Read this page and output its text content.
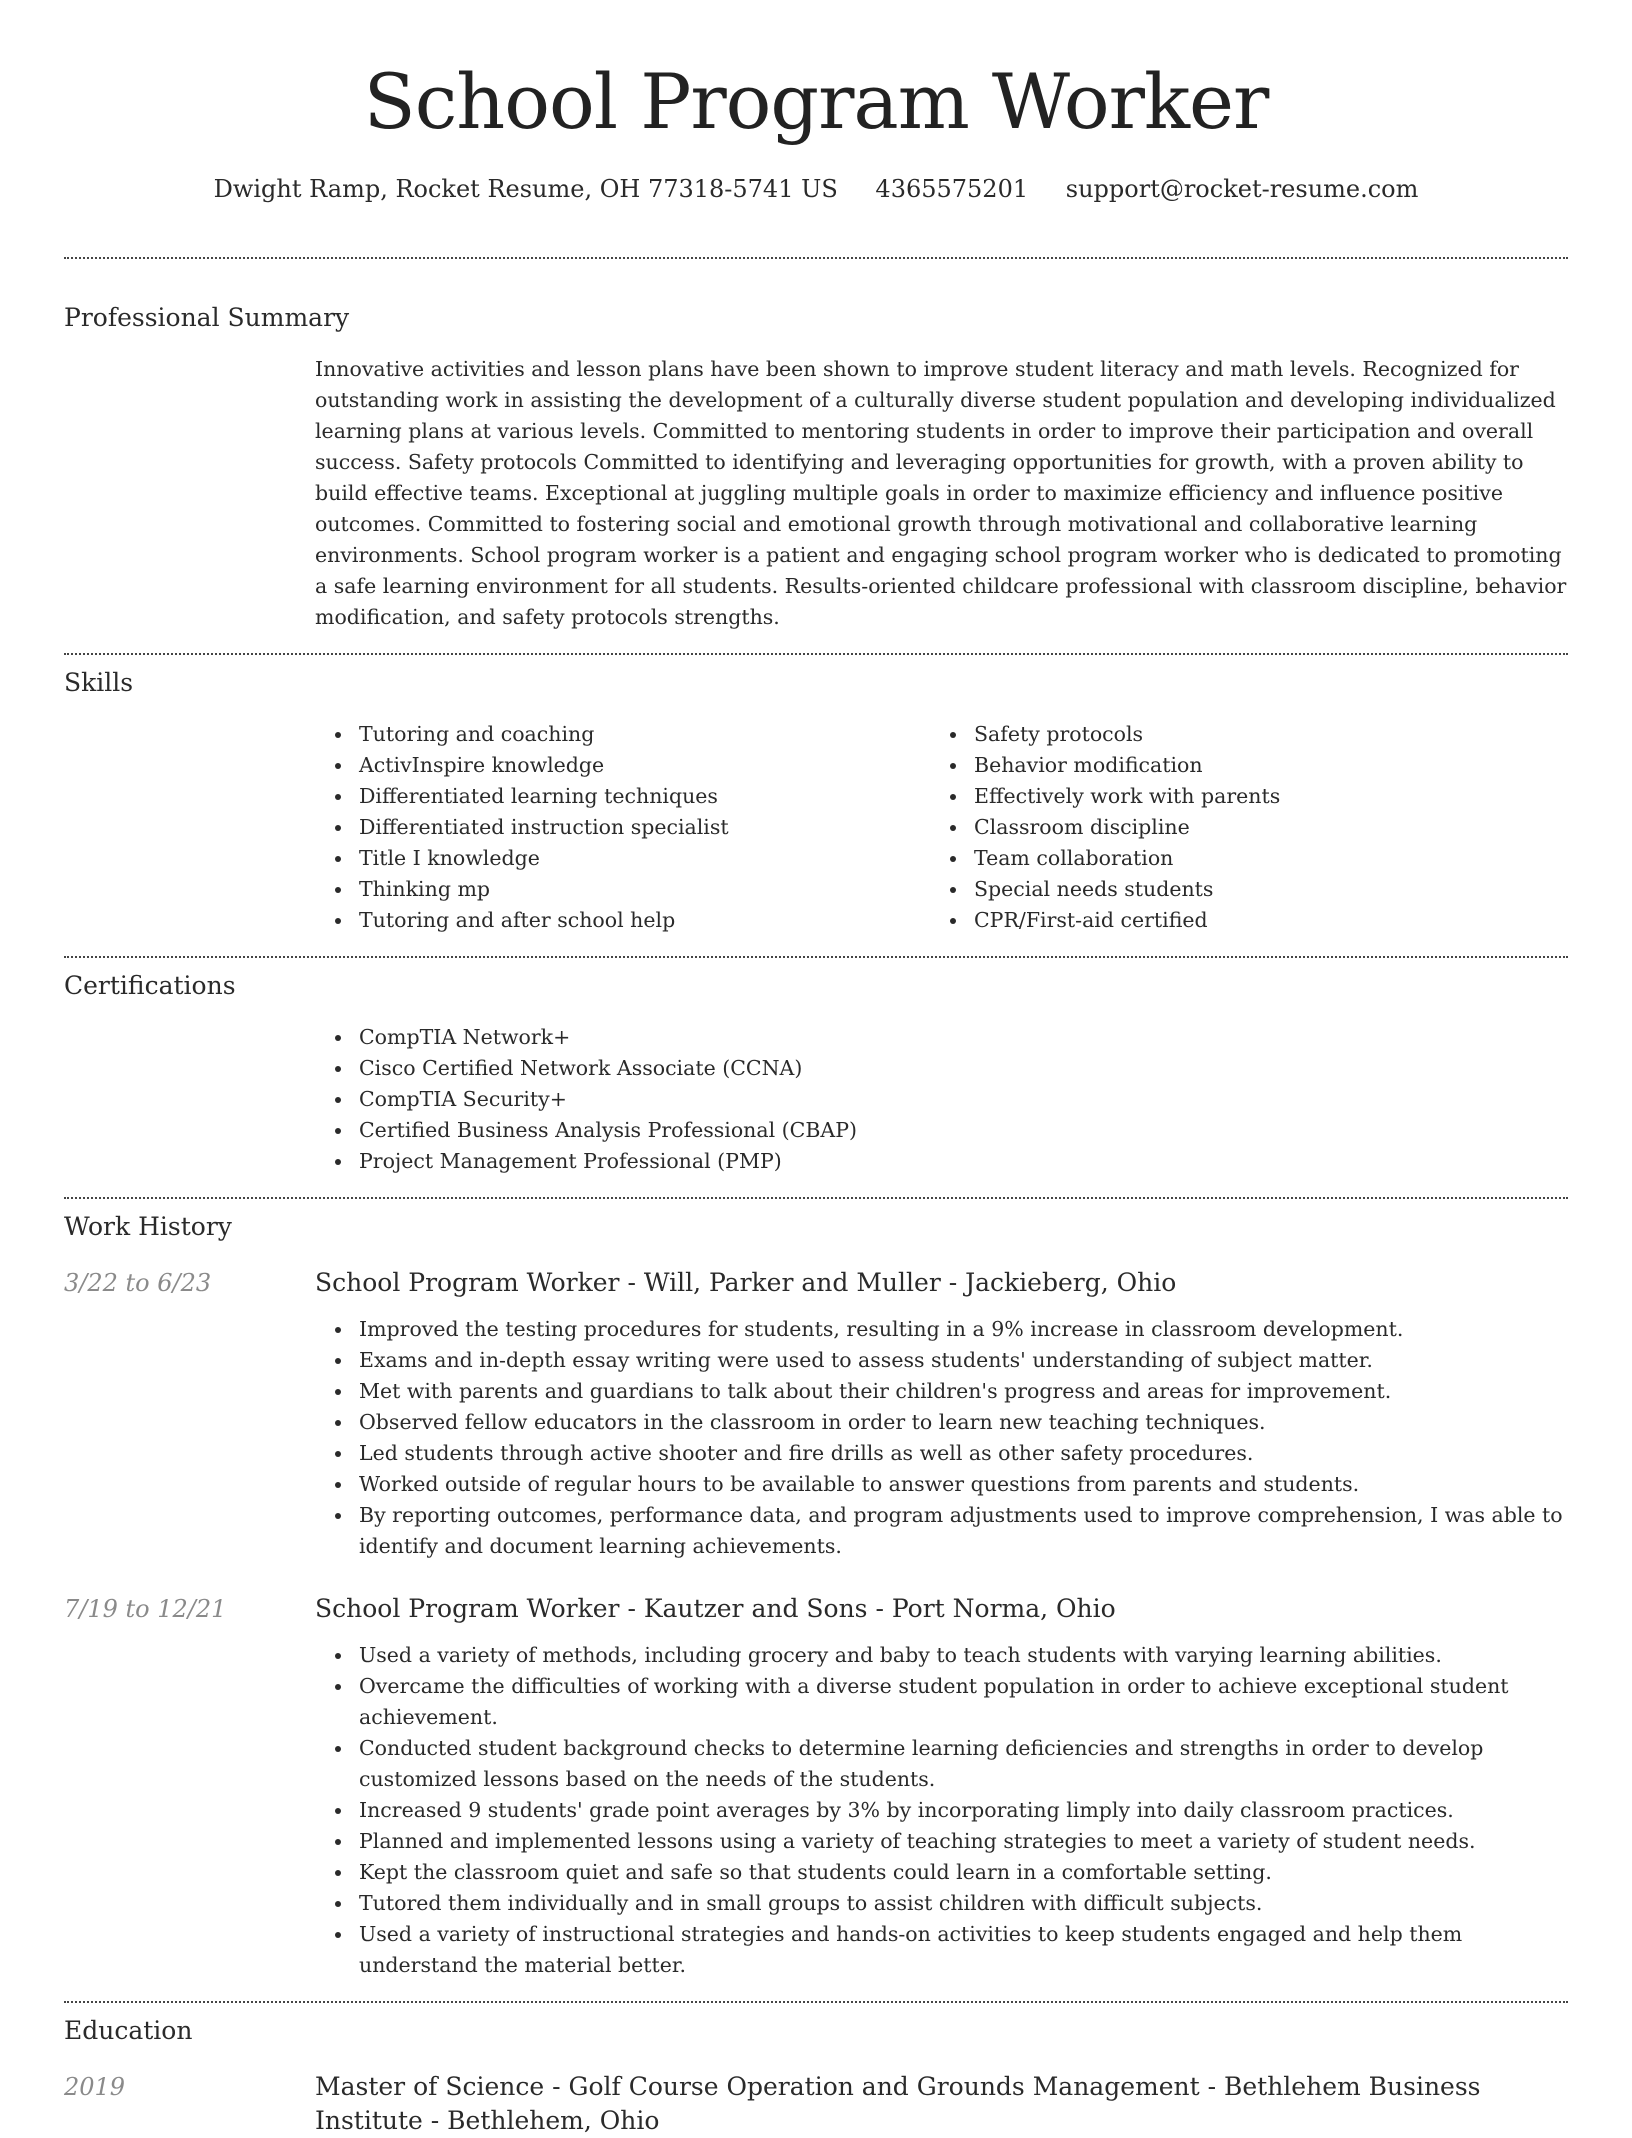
School Program Worker
Dwight Ramp, Rocket Resume, OH 77318-5741 US 4365575201 support@rocket-resume.com
Professional Summary
Innovative activities and lesson plans have been shown to improve student literacy and math levels. Recognized for outstanding work in assisting the development of a culturally diverse student population and developing individualized learning plans at various levels. Committed to mentoring students in order to improve their participation and overall success. Safety protocols Committed to identifying and leveraging opportunities for growth, with a proven ability to build effective teams. Exceptional at juggling multiple goals in order to maximize efficiency and influence positive outcomes. Committed to fostering social and emotional growth through motivational and collaborative learning environments. School program worker is a patient and engaging school program worker who is dedicated to promoting a safe learning environment for all students. Results-oriented childcare professional with classroom discipline, behavior modification, and safety protocols strengths.
Skills
Tutoring and coaching
ActivInspire knowledge
Differentiated learning techniques
Differentiated instruction specialist
Title I knowledge
Thinking mp
Tutoring and after school help
Safety protocols
Behavior modification
Effectively work with parents
Classroom discipline
Team collaboration
Special needs students
CPR/First-aid certified
Certifications
CompTIA Network+
Cisco Certified Network Associate (CCNA)
CompTIA Security+
Certified Business Analysis Professional (CBAP)
Project Management Professional (PMP)
Work History
3/22 to 6/23	School Program Worker - Will, Parker and Muller - Jackieberg, Ohio
Improved the testing procedures for students, resulting in a 9% increase in classroom development.
Exams and in-depth essay writing were used to assess students' understanding of subject matter.
Met with parents and guardians to talk about their children's progress and areas for improvement.
Observed fellow educators in the classroom in order to learn new teaching techniques.
Led students through active shooter and fire drills as well as other safety procedures.
Worked outside of regular hours to be available to answer questions from parents and students.
By reporting outcomes, performance data, and program adjustments used to improve comprehension, I was able to identify and document learning achievements.
7/19 to 12/21	School Program Worker - Kautzer and Sons - Port Norma, Ohio
Used a variety of methods, including grocery and baby to teach students with varying learning abilities.
Overcame the difficulties of working with a diverse student population in order to achieve exceptional student achievement.
Conducted student background checks to determine learning deficiencies and strengths in order to develop customized lessons based on the needs of the students.
Increased 9 students' grade point averages by 3% by incorporating limply into daily classroom practices.
Planned and implemented lessons using a variety of teaching strategies to meet a variety of student needs.
Kept the classroom quiet and safe so that students could learn in a comfortable setting.
Tutored them individually and in small groups to assist children with difficult subjects.
Used a variety of instructional strategies and hands-on activities to keep students engaged and help them understand the material better.
Education
2019	Master of Science - Golf Course Operation and Grounds Management - Bethlehem Business Institute - Bethlehem, Ohio
